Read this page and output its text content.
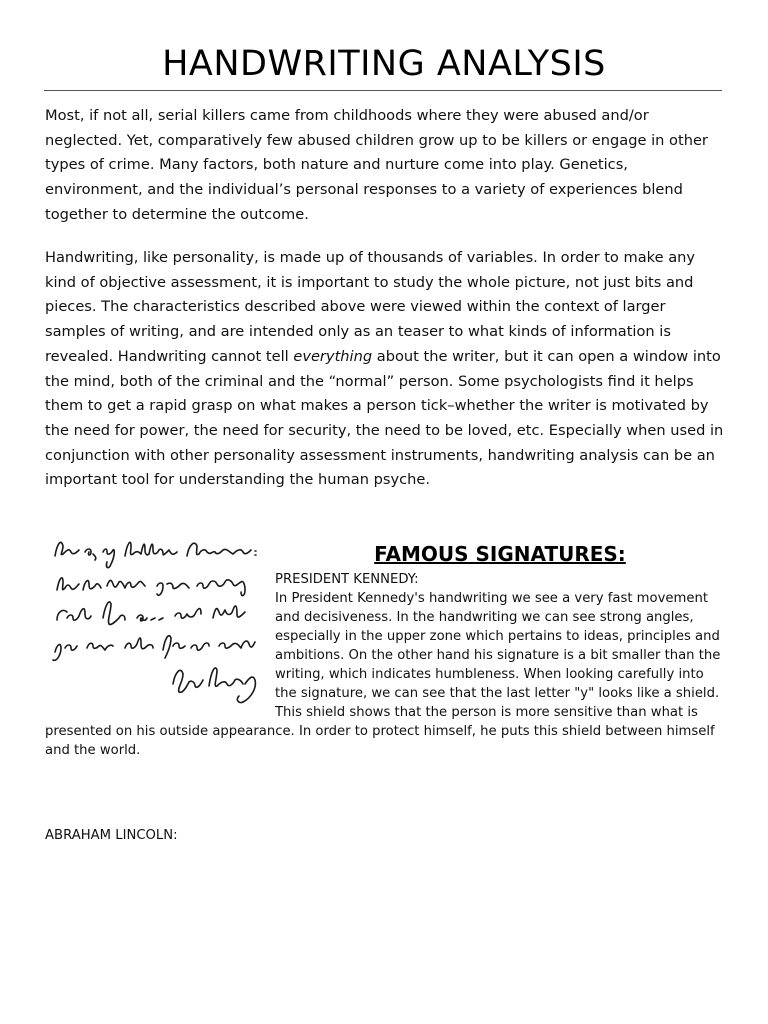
HANDWRITING ANALYSIS

Most, if not all, serial killers came from childhoods where they were abused and/or neglected. Yet, comparatively few abused children grow up to be killers or engage in other types of crime. Many factors, both nature and nurture come into play. Genetics, environment, and the individual’s personal responses to a variety of experiences blend together to determine the outcome.

Handwriting, like personality, is made up of thousands of variables. In order to make any kind of objective assessment, it is important to study the whole picture, not just bits and pieces. The characteristics described above were viewed within the context of larger samples of writing, and are intended only as an teaser to what kinds of information is revealed. Handwriting cannot tell everything about the writer, but it can open a window into the mind, both of the criminal and the “normal” person. Some psychologists find it helps them to get a rapid grasp on what makes a person tick–whether the writer is motivated by the need for power, the need for security, the need to be loved, etc. Especially when used in conjunction with other personality assessment instruments, handwriting analysis can be an important tool for understanding the human psyche.

FAMOUS SIGNATURES:
PRESIDENT KENNEDY:
In President Kennedy's handwriting we see a very fast movement and decisiveness. In the handwriting we can see strong angles, especially in the upper zone which pertains to ideas, principles and ambitions. On the other hand his signature is a bit smaller than the writing, which indicates humbleness. When looking carefully into the signature, we can see that the last letter "y" looks like a shield. This shield shows that the person is more sensitive than what is presented on his outside appearance. In order to protect himself, he puts this shield between himself and the world.
ABRAHAM LINCOLN:
